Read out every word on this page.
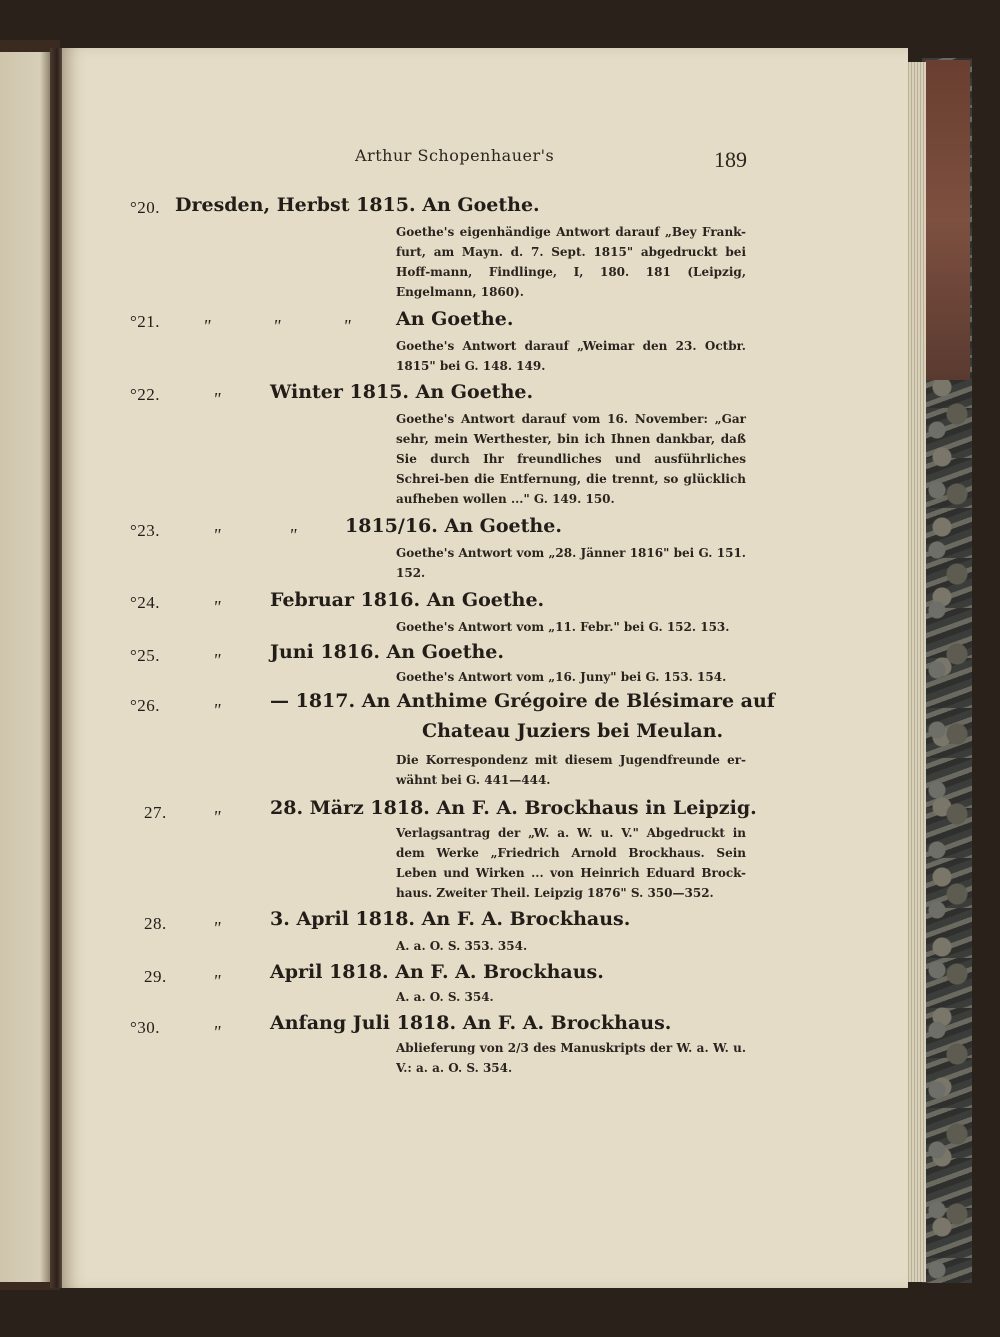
Arthur Schopenhauer's	189
°20. Dresden, Herbst 1815. An Goethe.
Goethe's eigenhändige Antwort darauf „Bey Frank-furt, am Mayn. d. 7. Sept. 1815" abgedruckt bei Hoff-mann, Findlinge, I, 180. 181 (Leipzig, Engelmann, 1860).
°21. " " " An Goethe.
Goethe's Antwort darauf „Weimar den 23. Octbr. 1815" bei G. 148. 149.
°22.	"	Winter 1815. An Goethe.
Goethe's Antwort darauf vom 16. November: „Gar sehr, mein Werthester, bin ich Ihnen dankbar, daß Sie durch Ihr freundliches und ausführliches Schrei-ben die Entfernung, die trennt, so glücklich aufheben wollen ..." G. 149. 150.
°23.	" "	1815/16. An Goethe.
Goethe's Antwort vom „28. Jänner 1816" bei G. 151. 152.
°24.	"	Februar 1816. An Goethe.
Goethe's Antwort vom „11. Febr." bei G. 152. 153.
°25.	"	Juni 1816. An Goethe.
Goethe's Antwort vom „16. Juny" bei G. 153. 154.
°26.	"	— 1817. An Anthime Grégoire de Blésimare auf
Chateau Juziers bei Meulan.
Die Korrespondenz mit diesem Jugendfreunde er-wähnt bei G. 441—444.
27.	"	28. März 1818. An F. A. Brockhaus in Leipzig.
Verlagsantrag der „W. a. W. u. V." Abgedruckt in dem Werke „Friedrich Arnold Brockhaus. Sein Leben und Wirken ... von Heinrich Eduard Brock-haus. Zweiter Theil. Leipzig 1876" S. 350—352.
28.	"	3. April 1818. An F. A. Brockhaus.
A. a. O. S. 353. 354.
29.	"	April 1818. An F. A. Brockhaus.
A. a. O. S. 354.
°30.	"	Anfang Juli 1818. An F. A. Brockhaus.
Ablieferung von 2/3 des Manuskripts der W. a. W. u. V.: a. a. O. S. 354.
